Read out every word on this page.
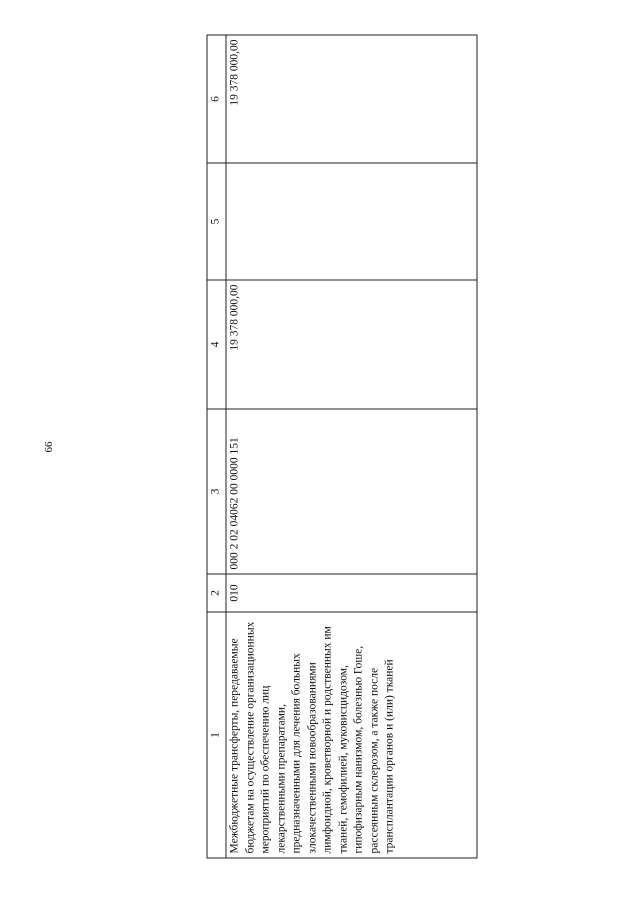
66
1	2	3	4	5	6
Межбюджетные трансферты, передаваемые бюджетам на осуществление организационных мероприятий по обеспечению лиц лекарственными препаратами, предназначенными для лечения больных злокачественными новообразованиями лимфоидной, кроветворной и родственных им тканей, гемофилией, муковисцидозом, гипофизарным нанизмом, болезнью Гоше, рассеянным склерозом, а также после трансплантации органов и (или) тканей	010	000 2 02 04062 00 0000 151	19 378 000,00		19 378 000,00
